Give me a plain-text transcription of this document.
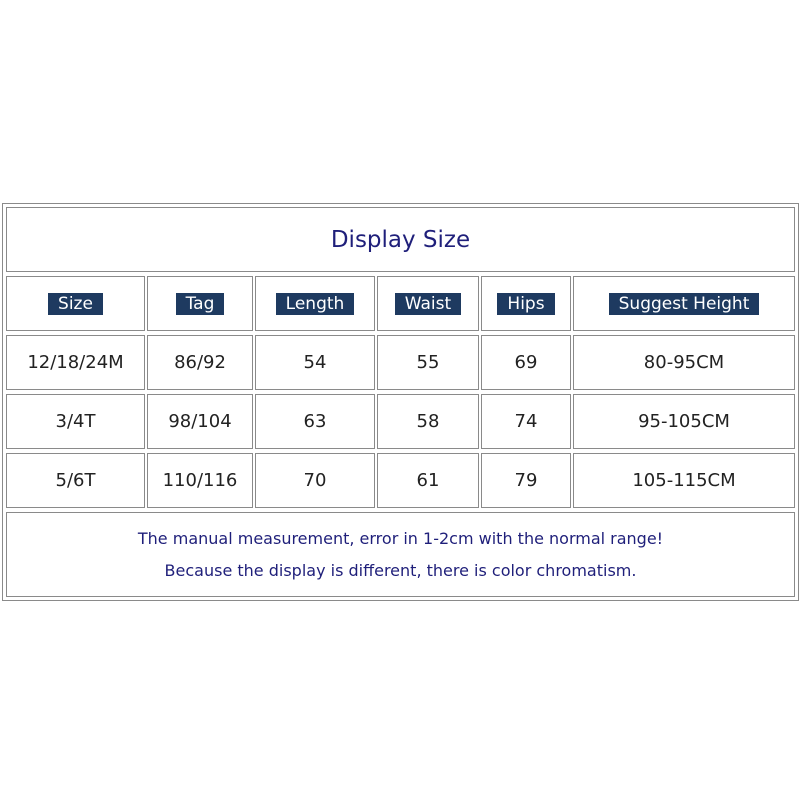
Display Size
The manual measurement, error in 1-2cm with the normal range!
Because the display is different, there is color chromatism.
Size	Tag	Length	Waist	Hips	Suggest Height
12/18/24M	86/92	54	55	69	80-95CM
3/4T	98/104	63	58	74	95-105CM
5/6T	110/116	70	61	79	105-115CM
